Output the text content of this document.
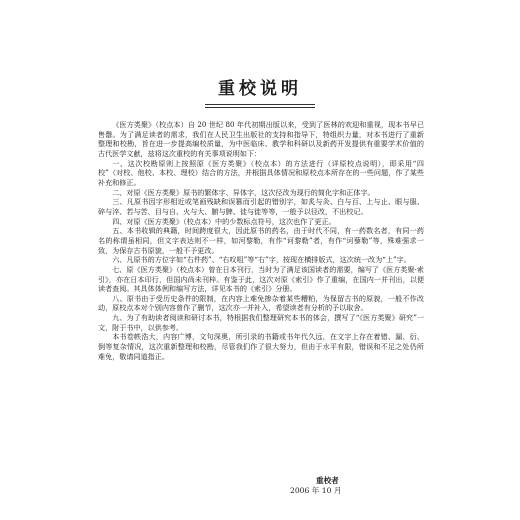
重校说明

《医方类聚》（校点本）自 20 世纪 80 年代初期出版以来，受到了医林的欢迎和重视，现本书早已售罄。为了满足读者的需求，我们在人民卫生出版社的支持和指导下，特组织力量，对本书进行了重新整理和校勘，旨在进一步提高编校质量，为中医临床、教学和科研以及新药开发提供有重要学术价值的古代医学文献，兹将这次重校的有关事项说明如下：

一、这次校勘原则上按照原《医方类聚》（校点本）的方法进行（详原校点说明），即采用“四校”（对校、他校、本校、理校）结合的方法，并根据具体情况和原校点本所存在的一些问题，作了某些补充和修正。

二、对原《医方类聚》原书的繁体字、异体字，这次径改为现行的简化字和正体字。

三、凡原书因字形相近或笔画残缺和误篡而引起的错别字，如炙与灸、白与百、上与止、眼与服、碎与淬、若与苦、目与自、火与大、腑与脾、徒与徙等等，一般予以径改，不出校记。

四、对原《医方类聚》（校点本）中的少数标点符号，这次也作了更正。

五、本书收辑的典籍，时间跨度很大，因此原书的药名，由于时代不同，有一药数名者，有同一药名的称谓虽相同，但文字表达则不一样，如河黎勒，有作“诃黎勒”者，有作“诃藜勒”等，殊难强求一致，为保存古书原貌，一般不予更改。

六、凡原书的方位字如“右件药”、“右㕮咀”等“右”字，按现在横排版式，这次统一改为“上”字。

七、原《医方类聚》（校点本）曾在日本刊行，当时为了满足该国读者的需要，编写了《医方类聚·索引》，亦在日本印行，但国内尚未刊梓。有鉴于此，这次对原《索引》作了重编，在国内一并刊出，以便读者查阅。其具体体例和编写方法，详见本书的《索引》分册。

八、原书由于受历史条件的限制，在内容上难免掺杂着某些糟粕，为保留古书的原貌，一般不作改动，原校点本对个别内容曾作了删节，这次亦一并补入，希望读者有分析的予以取舍。

九、为了有助读者阅读和研讨本书，特根据我们整理研究本书的体会，撰写了“《医方类聚》研究”一文，附于书中，以供参考。

本书卷帙浩大，内容广博，文句深奥，所引录的书籍或书年代久远，在文字上存在着错、漏、衍、倒等复杂情况，这次重新整理和校勘，尽管我们作了很大努力，但由于水平有限，错误和不足之处仍所难免，敬请同道指正。

重校者
2006 年 10 月
